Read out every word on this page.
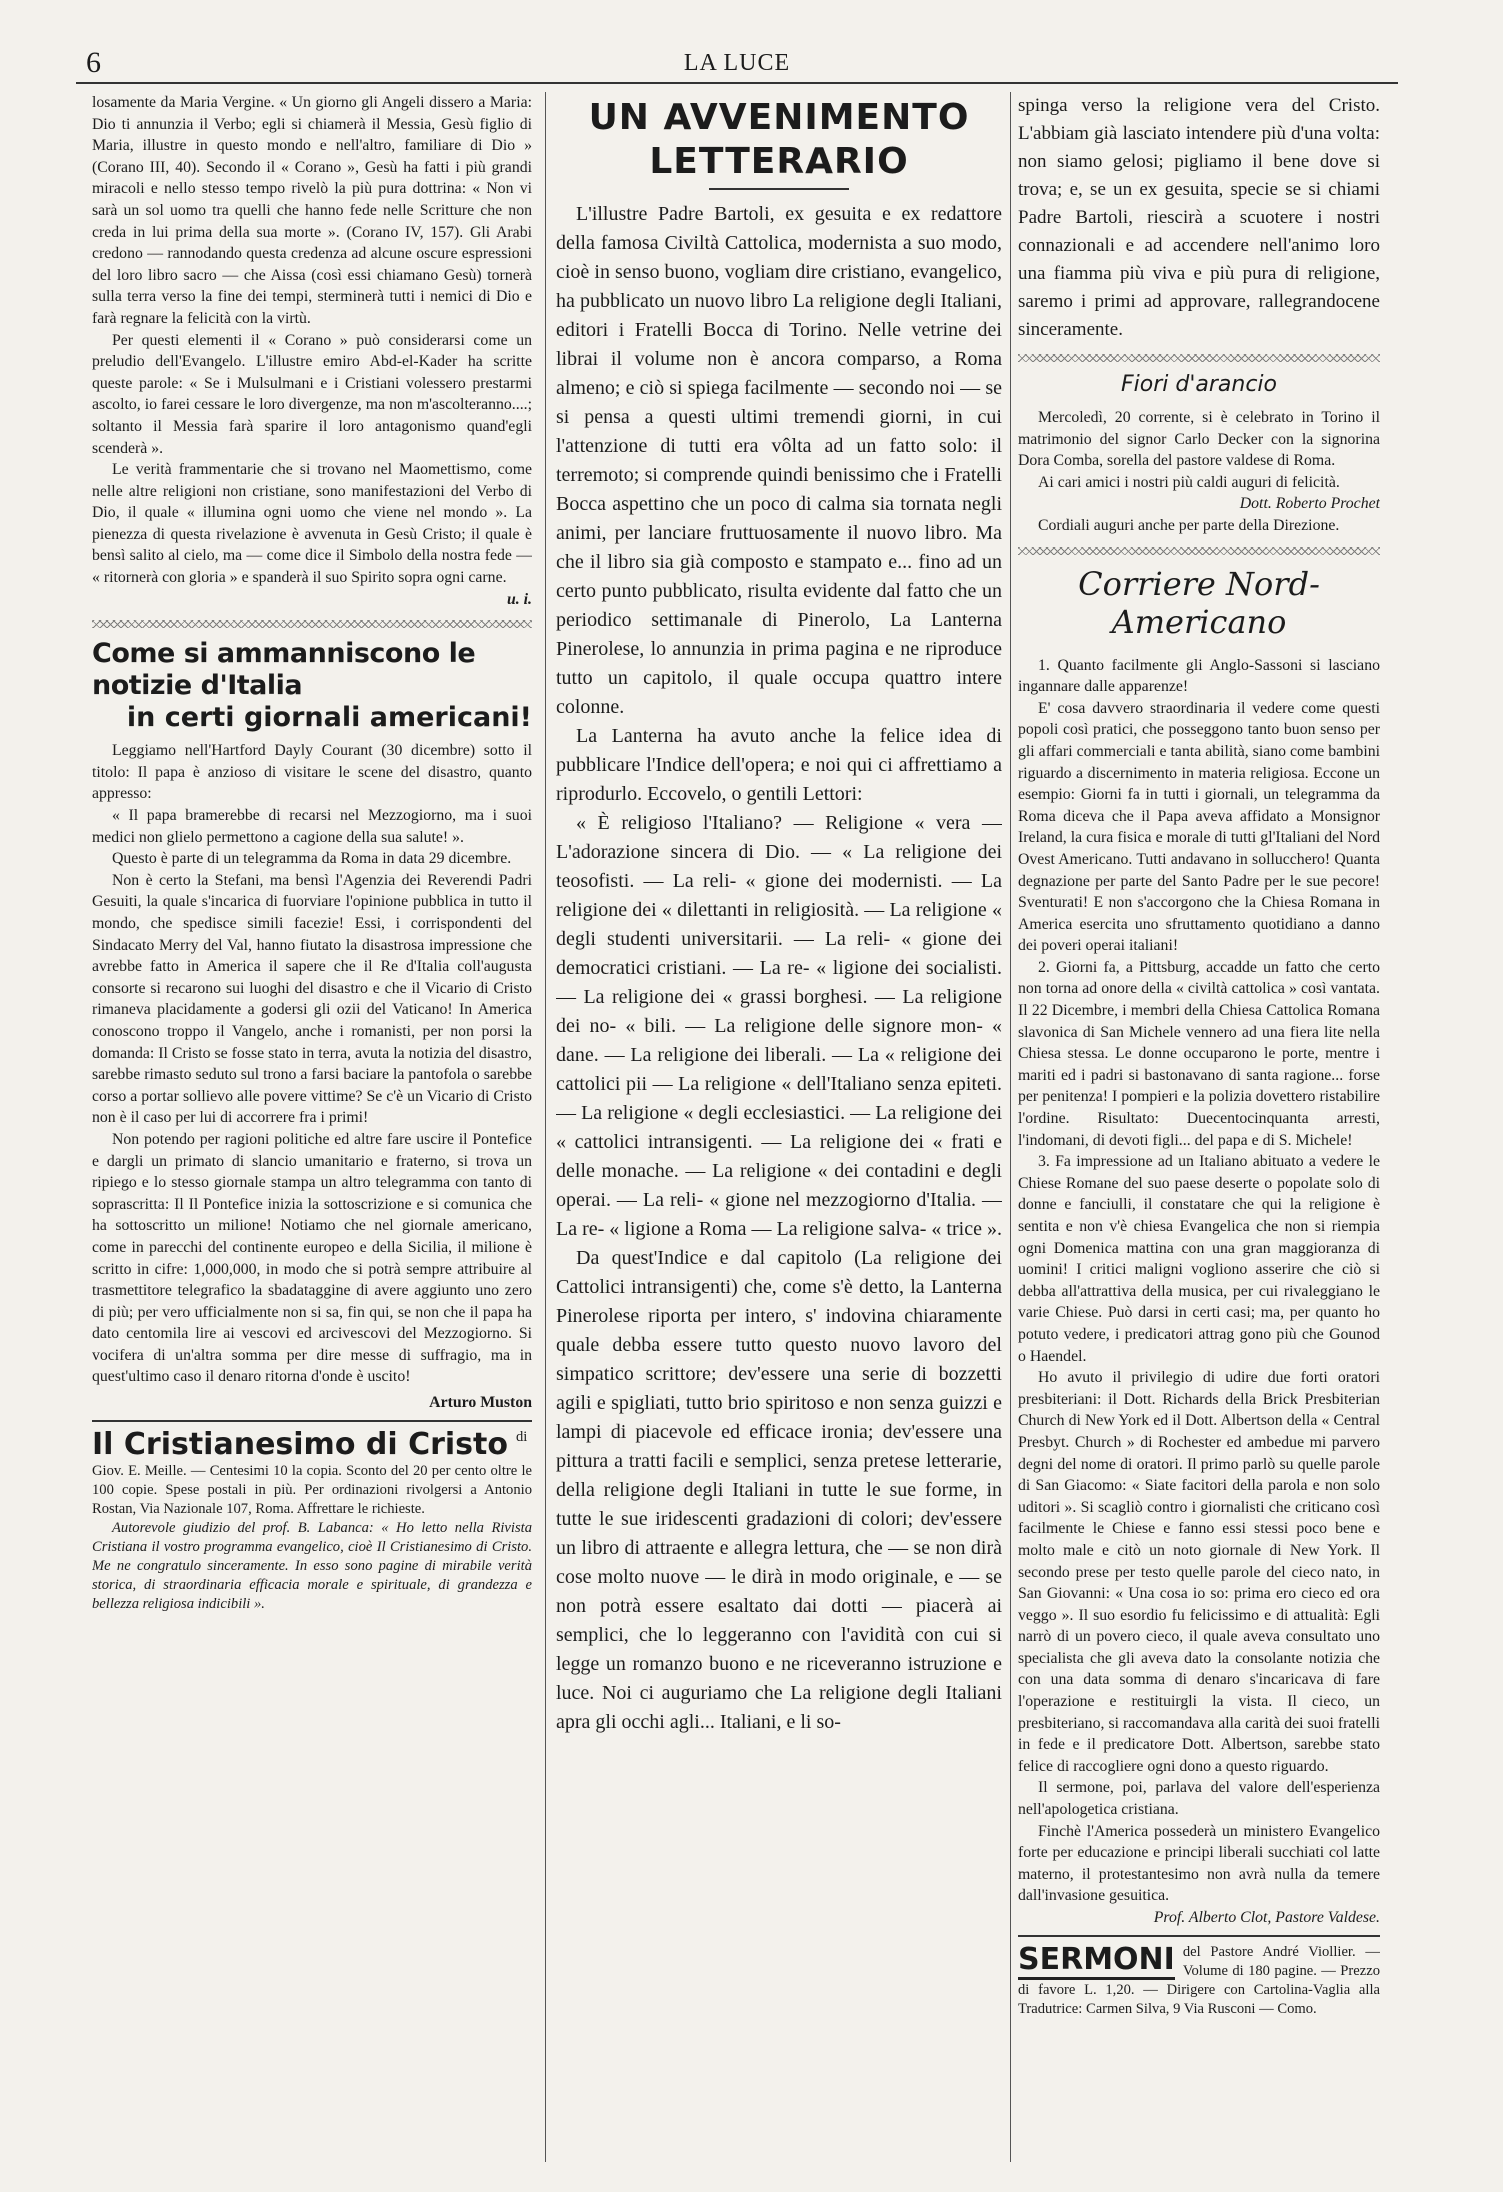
6	LA LUCE

losamente da Maria Vergine. « Un giorno gli Angeli dissero a Maria: Dio ti annunzia il Verbo; egli si chiamerà il Messia, Gesù figlio di Maria, illustre in questo mondo e nell'altro, familiare di Dio » (Corano III, 40). Secondo il « Corano », Gesù ha fatti i più grandi miracoli e nello stesso tempo rivelò la più pura dottrina: « Non vi sarà un sol uomo tra quelli che hanno fede nelle Scritture che non creda in lui prima della sua morte ». (Corano IV, 157). Gli Arabi credono — rannodando questa credenza ad alcune oscure espressioni del loro libro sacro — che Aissa (così essi chiamano Gesù) tornerà sulla terra verso la fine dei tempi, sterminerà tutti i nemici di Dio e farà regnare la felicità con la virtù.

Per questi elementi il « Corano » può considerarsi come un preludio dell'Evangelo. L'illustre emiro Abd-el-Kader ha scritte queste parole: « Se i Mulsulmani e i Cristiani volessero prestarmi ascolto, io farei cessare le loro divergenze, ma non m'ascolteranno....; soltanto il Messia farà sparire il loro antagonismo quand'egli scenderà ».

Le verità frammentarie che si trovano nel Maomettismo, come nelle altre religioni non cristiane, sono manifestazioni del Verbo di Dio, il quale « illumina ogni uomo che viene nel mondo ». La pienezza di questa rivelazione è avvenuta in Gesù Cristo; il quale è bensì salito al cielo, ma — come dice il Simbolo della nostra fede — « ritornerà con gloria » e spanderà il suo Spirito sopra ogni carne.

u. i.

Come si ammanniscono le notizie d'Italia
in certi giornali americani!

Leggiamo nell'Hartford Dayly Courant (30 dicembre) sotto il titolo: Il papa è anzioso di visitare le scene del disastro, quanto appresso:

« Il papa bramerebbe di recarsi nel Mezzogiorno, ma i suoi medici non glielo permettono a cagione della sua salute! ».

Questo è parte di un telegramma da Roma in data 29 dicembre.

Non è certo la Stefani, ma bensì l'Agenzia dei Reverendi Padri Gesuiti, la quale s'incarica di fuorviare l'opinione pubblica in tutto il mondo, che spedisce simili facezie! Essi, i corrispondenti del Sindacato Merry del Val, hanno fiutato la disastrosa impressione che avrebbe fatto in America il sapere che il Re d'Italia coll'augusta consorte si recarono sui luoghi del disastro e che il Vicario di Cristo rimaneva placidamente a godersi gli ozii del Vaticano! In America conoscono troppo il Vangelo, anche i romanisti, per non porsi la domanda: Il Cristo se fosse stato in terra, avuta la notizia del disastro, sarebbe rimasto seduto sul trono a farsi baciare la pantofola o sarebbe corso a portar sollievo alle povere vittime? Se c'è un Vicario di Cristo non è il caso per lui di accorrere fra i primi!

Non potendo per ragioni politiche ed altre fare uscire il Pontefice e dargli un primato di slancio umanitario e fraterno, si trova un ripiego e lo stesso giornale stampa un altro telegramma con tanto di soprascritta: Il Il Pontefice inizia la sottoscrizione e si comunica che ha sottoscritto un milione! Notiamo che nel giornale americano, come in parecchi del continente europeo e della Sicilia, il milione è scritto in cifre: 1,000,000, in modo che si potrà sempre attribuire al trasmettitore telegrafico la sbadataggine di avere aggiunto uno zero di più; per vero ufficialmente non si sa, fin qui, se non che il papa ha dato centomila lire ai vescovi ed arcivescovi del Mezzogiorno. Si vocifera di un'altra somma per dire messe di suffragio, ma in quest'ultimo caso il denaro ritorna d'onde è uscito!

Arturo Muston

Il Cristianesimo di Cristo di Giov. E. Meille. — Centesimi 10 la copia. Sconto del 20 per cento oltre le 100 copie. Spese postali in più. Per ordinazioni rivolgersi a Antonio Rostan, Via Nazionale 107, Roma. Affrettare le richieste.

Autorevole giudizio del prof. B. Labanca: « Ho letto nella Rivista Cristiana il vostro programma evangelico, cioè Il Cristianesimo di Cristo. Me ne congratulo sinceramente. In esso sono pagine di mirabile verità storica, di straordinaria efficacia morale e spirituale, di grandezza e bellezza religiosa indicibili ».

UN AVVENIMENTO LETTERARIO

L'illustre Padre Bartoli, ex gesuita e ex redattore della famosa Civiltà Cattolica, modernista a suo modo, cioè in senso buono, vogliam dire cristiano, evangelico, ha pubblicato un nuovo libro La religione degli Italiani, editori i Fratelli Bocca di Torino. Nelle vetrine dei librai il volume non è ancora comparso, a Roma almeno; e ciò si spiega facilmente — secondo noi — se si pensa a questi ultimi tremendi giorni, in cui l'attenzione di tutti era vôlta ad un fatto solo: il terremoto; si comprende quindi benissimo che i Fratelli Bocca aspettino che un poco di calma sia tornata negli animi, per lanciare fruttuosamente il nuovo libro. Ma che il libro sia già composto e stampato e... fino ad un certo punto pubblicato, risulta evidente dal fatto che un periodico settimanale di Pinerolo, La Lanterna Pinerolese, lo annunzia in prima pagina e ne riproduce tutto un capitolo, il quale occupa quattro intere colonne.

La Lanterna ha avuto anche la felice idea di pubblicare l'Indice dell'opera; e noi qui ci affrettiamo a riprodurlo. Eccovelo, o gentili Lettori:

« È religioso l'Italiano? — Religione « vera — L'adorazione sincera di Dio. — « La religione dei teosofisti. — La reli- « gione dei modernisti. — La religione dei « dilettanti in religiosità. — La religione « degli studenti universitarii. — La reli- « gione dei democratici cristiani. — La re- « ligione dei socialisti. — La religione dei « grassi borghesi. — La religione dei no- « bili. — La religione delle signore mon- « dane. — La religione dei liberali. — La « religione dei cattolici pii — La religione « dell'Italiano senza epiteti. — La religione « degli ecclesiastici. — La religione dei « cattolici intransigenti. — La religione dei « frati e delle monache. — La religione « dei contadini e degli operai. — La reli- « gione nel mezzogiorno d'Italia. — La re- « ligione a Roma — La religione salva- « trice ».

Da quest'Indice e dal capitolo (La religione dei Cattolici intransigenti) che, come s'è detto, la Lanterna Pinerolese riporta per intero, s' indovina chiaramente quale debba essere tutto questo nuovo lavoro del simpatico scrittore; dev'essere una serie di bozzetti agili e spigliati, tutto brio spiritoso e non senza guizzi e lampi di piacevole ed efficace ironia; dev'essere una pittura a tratti facili e semplici, senza pretese letterarie, della religione degli Italiani in tutte le sue forme, in tutte le sue iridescenti gradazioni di colori; dev'essere un libro di attraente e allegra lettura, che — se non dirà cose molto nuove — le dirà in modo originale, e — se non potrà essere esaltato dai dotti — piacerà ai semplici, che lo leggeranno con l'avidità con cui si legge un romanzo buono e ne riceveranno istruzione e luce. Noi ci auguriamo che La religione degli Italiani apra gli occhi agli... Italiani, e li so-

spinga verso la religione vera del Cristo. L'abbiam già lasciato intendere più d'una volta: non siamo gelosi; pigliamo il bene dove si trova; e, se un ex gesuita, specie se si chiami Padre Bartoli, riescirà a scuotere i nostri connazionali e ad accendere nell'animo loro una fiamma più viva e più pura di religione, saremo i primi ad approvare, rallegrandocene sinceramente.

Fiori d'arancio

Mercoledì, 20 corrente, si è celebrato in Torino il matrimonio del signor Carlo Decker con la signorina Dora Comba, sorella del pastore valdese di Roma.

Ai cari amici i nostri più caldi auguri di felicità.

Dott. Roberto Prochet

Cordiali auguri anche per parte della Direzione.

Corriere Nord-Americano

1. Quanto facilmente gli Anglo-Sassoni si lasciano ingannare dalle apparenze!

E' cosa davvero straordinaria il vedere come questi popoli così pratici, che posseggono tanto buon senso per gli affari commerciali e tanta abilità, siano come bambini riguardo a discernimento in materia religiosa. Eccone un esempio: Giorni fa in tutti i giornali, un telegramma da Roma diceva che il Papa aveva affidato a Monsignor Ireland, la cura fisica e morale di tutti gl'Italiani del Nord Ovest Americano. Tutti andavano in sollucchero! Quanta degnazione per parte del Santo Padre per le sue pecore! Sventurati! E non s'accorgono che la Chiesa Romana in America esercita uno sfruttamento quotidiano a danno dei poveri operai italiani!

2. Giorni fa, a Pittsburg, accadde un fatto che certo non torna ad onore della « civiltà cattolica » così vantata. Il 22 Dicembre, i membri della Chiesa Cattolica Romana slavonica di San Michele vennero ad una fiera lite nella Chiesa stessa. Le donne occuparono le porte, mentre i mariti ed i padri si bastonavano di santa ragione... forse per penitenza! I pompieri e la polizia dovettero ristabilire l'ordine. Risultato: Duecentocinquanta arresti, l'indomani, di devoti figli... del papa e di S. Michele!

3. Fa impressione ad un Italiano abituato a vedere le Chiese Romane del suo paese deserte o popolate solo di donne e fanciulli, il constatare che qui la religione è sentita e non v'è chiesa Evangelica che non si riempia ogni Domenica mattina con una gran maggioranza di uomini! I critici maligni vogliono asserire che ciò si debba all'attrattiva della musica, per cui rivaleggiano le varie Chiese. Può darsi in certi casi; ma, per quanto ho potuto vedere, i predicatori attrag gono più che Gounod o Haendel.

Ho avuto il privilegio di udire due forti oratori presbiteriani: il Dott. Richards della Brick Presbiterian Church di New York ed il Dott. Albertson della « Central Presbyt. Church » di Rochester ed ambedue mi parvero degni del nome di oratori. Il primo parlò su quelle parole di San Giacomo: « Siate facitori della parola e non solo uditori ». Si scagliò contro i giornalisti che criticano così facilmente le Chiese e fanno essi stessi poco bene e molto male e citò un noto giornale di New York. Il secondo prese per testo quelle parole del cieco nato, in San Giovanni: « Una cosa io so: prima ero cieco ed ora veggo ». Il suo esordio fu felicissimo e di attualità: Egli narrò di un povero cieco, il quale aveva consultato uno specialista che gli aveva dato la consolante notizia che con una data somma di denaro s'incaricava di fare l'operazione e restituirgli la vista. Il cieco, un presbiteriano, si raccomandava alla carità dei suoi fratelli in fede e il predicatore Dott. Albertson, sarebbe stato felice di raccogliere ogni dono a questo riguardo.

Il sermone, poi, parlava del valore dell'esperienza nell'apologetica cristiana.

Finchè l'America possederà un ministero Evangelico forte per educazione e principi liberali succhiati col latte materno, il protestantesimo non avrà nulla da temere dall'invasione gesuitica.

Prof. Alberto Clot, Pastore Valdese.

SERMONI del Pastore André Viollier. — Volume di 180 pagine. — Prezzo di favore L. 1,20. — Dirigere con Cartolina-Vaglia alla Tradutrice: Carmen Silva, 9 Via Rusconi — Como.
